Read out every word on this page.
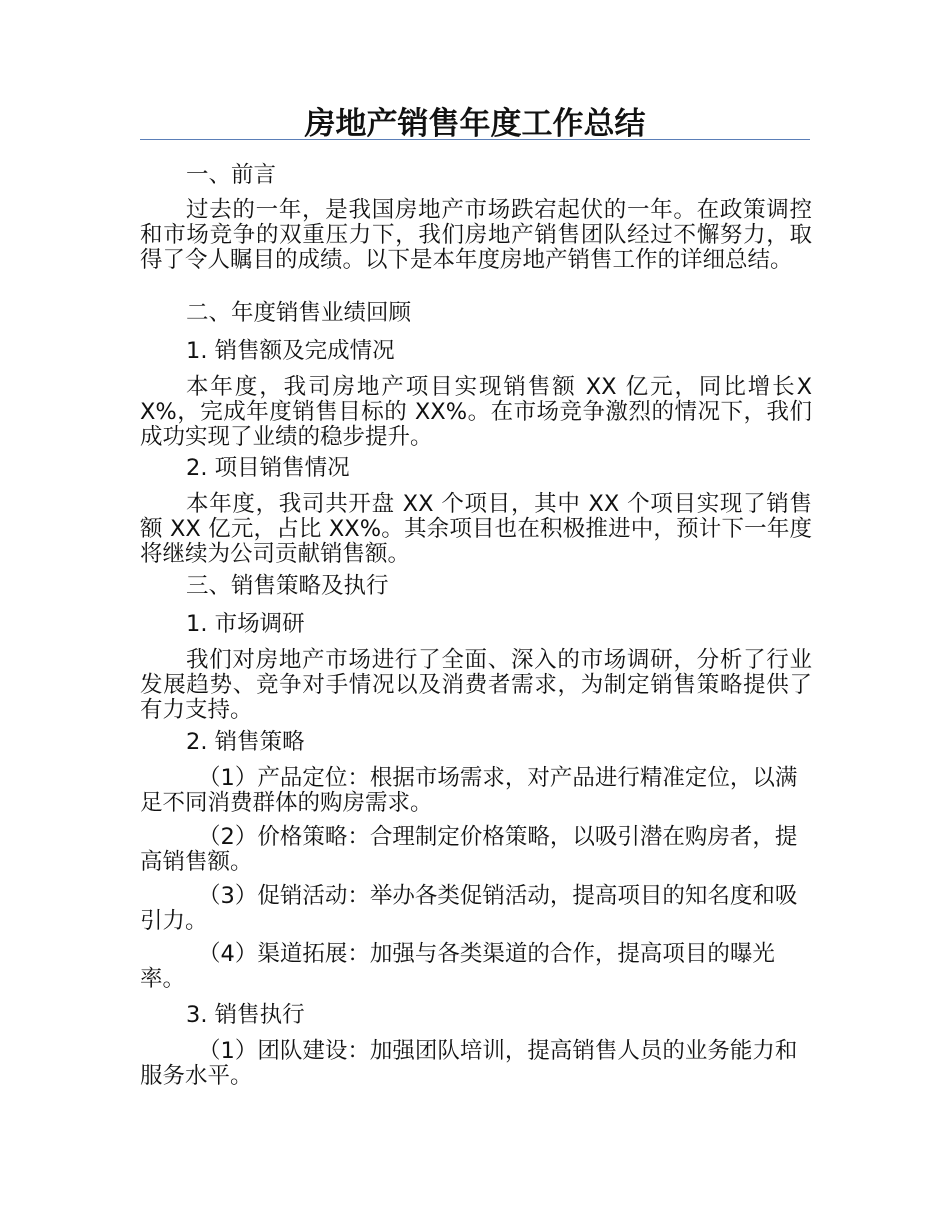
房地产销售年度工作总结

一、前言

过去的一年，是我国房地产市场跌宕起伏的一年。在政策调控和市场竞争的双重压力下，我们房地产销售团队经过不懈努力，取得了令人瞩目的成绩。以下是本年度房地产销售工作的详细总结。

二、年度销售业绩回顾

1. 销售额及完成情况

本年度，我司房地产项目实现销售额 XX 亿元，同比增长XX%，完成年度销售目标的 XX%。在市场竞争激烈的情况下，我们成功实现了业绩的稳步提升。

2. 项目销售情况

本年度，我司共开盘 XX 个项目，其中 XX 个项目实现了销售额 XX 亿元，占比 XX%。其余项目也在积极推进中，预计下一年度将继续为公司贡献销售额。

三、销售策略及执行

1. 市场调研

我们对房地产市场进行了全面、深入的市场调研，分析了行业发展趋势、竞争对手情况以及消费者需求，为制定销售策略提供了有力支持。

2. 销售策略

（1）产品定位：根据市场需求，对产品进行精准定位，以满足不同消费群体的购房需求。

（2）价格策略：合理制定价格策略，以吸引潜在购房者，提高销售额。

（3）促销活动：举办各类促销活动，提高项目的知名度和吸引力。

（4）渠道拓展：加强与各类渠道的合作，提高项目的曝光率。

3. 销售执行

（1）团队建设：加强团队培训，提高销售人员的业务能力和服务水平。
